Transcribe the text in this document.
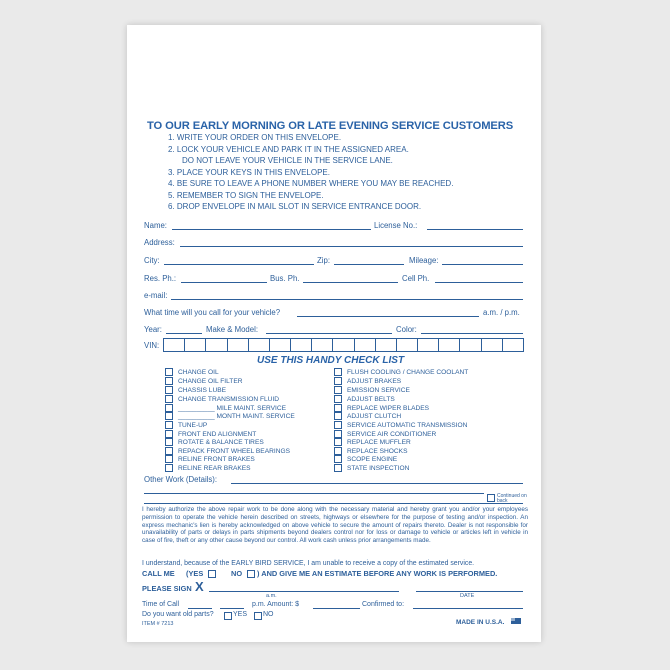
TO OUR EARLY MORNING OR LATE EVENING SERVICE CUSTOMERS
1. WRITE YOUR ORDER ON THIS ENVELOPE.
2. LOCK YOUR VEHICLE AND PARK IT IN THE ASSIGNED AREA.
DO NOT LEAVE YOUR VEHICLE IN THE SERVICE LANE.
3. PLACE YOUR KEYS IN THIS ENVELOPE.
4. BE SURE TO LEAVE A PHONE NUMBER WHERE YOU MAY BE REACHED.
5. REMEMBER TO SIGN THE ENVELOPE.
6. DROP ENVELOPE IN MAIL SLOT IN SERVICE ENTRANCE DOOR.
Name:	License No.:
Address:
City:	Zip:	Mileage:
Res. Ph.:	Bus. Ph.	Cell Ph.
e-mail:
What time will you call for your vehicle?	a.m. / p.m.
Year:	Make & Model:	Color:
VIN:
USE THIS HANDY CHECK LIST
CHANGE OIL
CHANGE OIL FILTER
CHASSIS LUBE
CHANGE TRANSMISSION FLUID
__________ MILE MAINT. SERVICE
__________ MONTH MAINT. SERVICE
TUNE-UP
FRONT END ALIGNMENT
ROTATE & BALANCE TIRES
REPACK FRONT WHEEL BEARINGS
RELINE FRONT BRAKES
RELINE REAR BRAKES
FLUSH COOLING / CHANGE COOLANT
ADJUST BRAKES
EMISSION SERVICE
ADJUST BELTS
REPLACE WIPER BLADES
ADJUST CLUTCH
SERVICE AUTOMATIC TRANSMISSION
SERVICE AIR CONDITIONER
REPLACE MUFFLER
REPLACE SHOCKS
SCOPE ENGINE
STATE INSPECTION
Other Work (Details):
Continued on back
I hereby authorize the above repair work to be done along with the necessary material and hereby grant you and/or your employees permission to operate the vehicle herein described on streets, highways or elsewhere for the purpose of testing and/or inspection. An express mechanic's lien is hereby acknowledged on above vehicle to secure the amount of repairs thereto. Dealer is not responsible for unavailability of parts or delays in parts shipments beyond dealers control nor for loss or damage to vehicle or articles left in vehicle in case of fire, theft or any other cause beyond our control. All work cash unless prior arrangements made.
I understand, because of the EARLY BIRD SERVICE, I am unable to receive a copy of the estimated service.
CALL ME (YES	NO ) AND GIVE ME AN ESTIMATE BEFORE ANY WORK IS PERFORMED.
PLEASE SIGN X
a.m.	DATE
Time of Call	p.m. Amount: $	Confirmed to:
Do you want old parts?	YES NO
ITEM # 7213	MADE IN U.S.A.
